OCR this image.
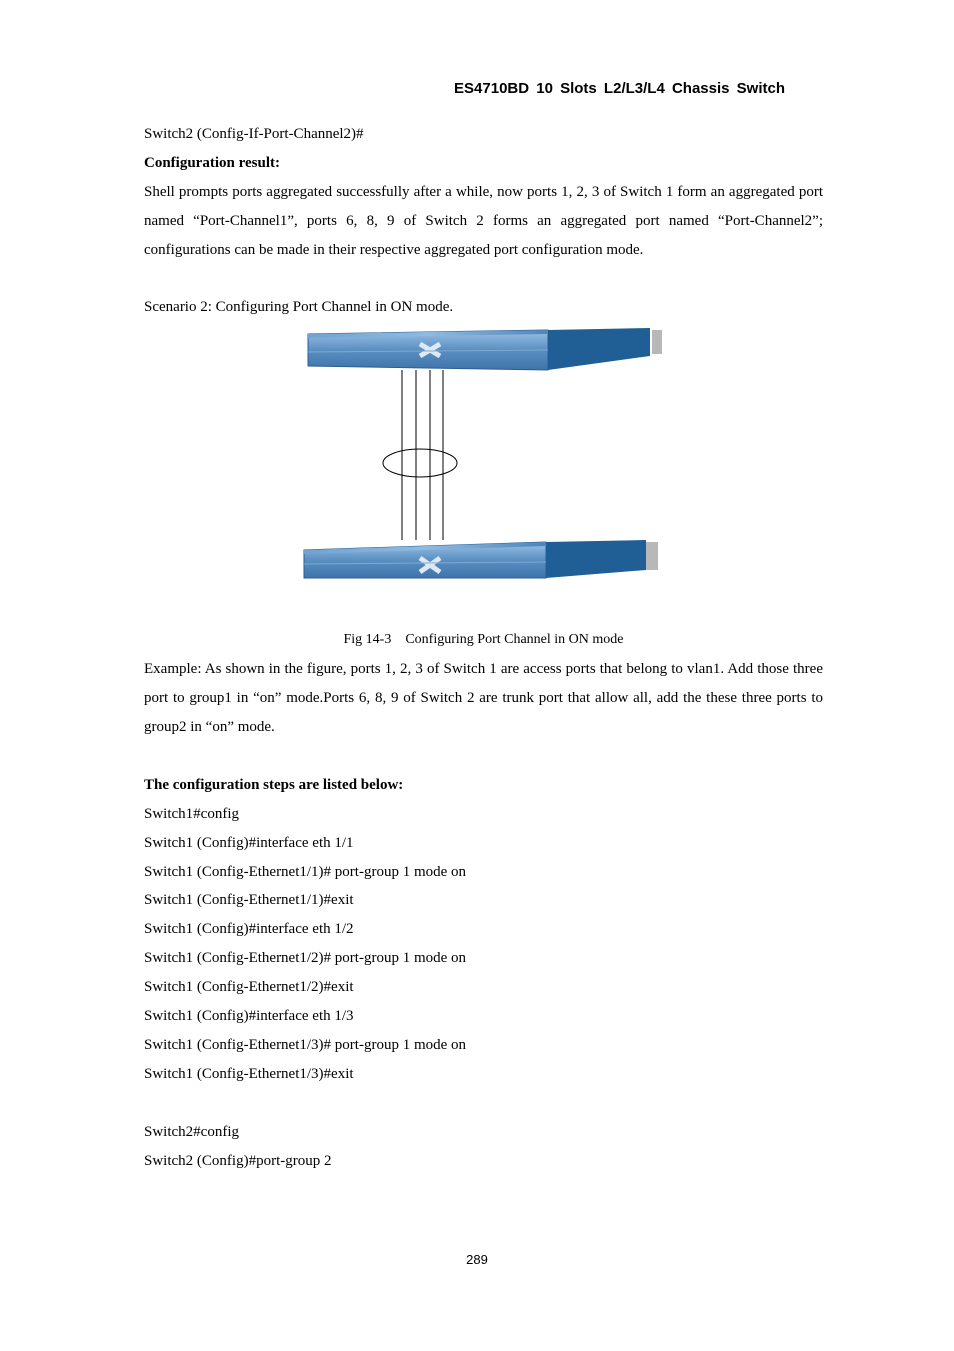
ES4710BD 10 Slots L2/L3/L4 Chassis Switch

Switch2 (Config-If-Port-Channel2)#

Configuration result:

Shell prompts ports aggregated successfully after a while, now ports 1, 2, 3 of Switch 1 form an aggregated port named “Port-Channel1”, ports 6, 8, 9 of Switch 2 forms an aggregated port named “Port-Channel2”; configurations can be made in their respective aggregated port configuration mode.

Scenario 2: Configuring Port Channel in ON mode.

Fig 14-3    Configuring Port Channel in ON mode

Example: As shown in the figure, ports 1, 2, 3 of Switch 1 are access ports that belong to vlan1. Add those three port to group1 in “on” mode.Ports 6, 8, 9 of Switch 2 are trunk port that allow all, add the these three ports to group2 in “on” mode.

The configuration steps are listed below:

Switch1#config

Switch1 (Config)#interface eth 1/1

Switch1 (Config-Ethernet1/1)# port-group 1 mode on

Switch1 (Config-Ethernet1/1)#exit

Switch1 (Config)#interface eth 1/2

Switch1 (Config-Ethernet1/2)# port-group 1 mode on

Switch1 (Config-Ethernet1/2)#exit

Switch1 (Config)#interface eth 1/3

Switch1 (Config-Ethernet1/3)# port-group 1 mode on

Switch1 (Config-Ethernet1/3)#exit

Switch2#config

Switch2 (Config)#port-group 2

289
